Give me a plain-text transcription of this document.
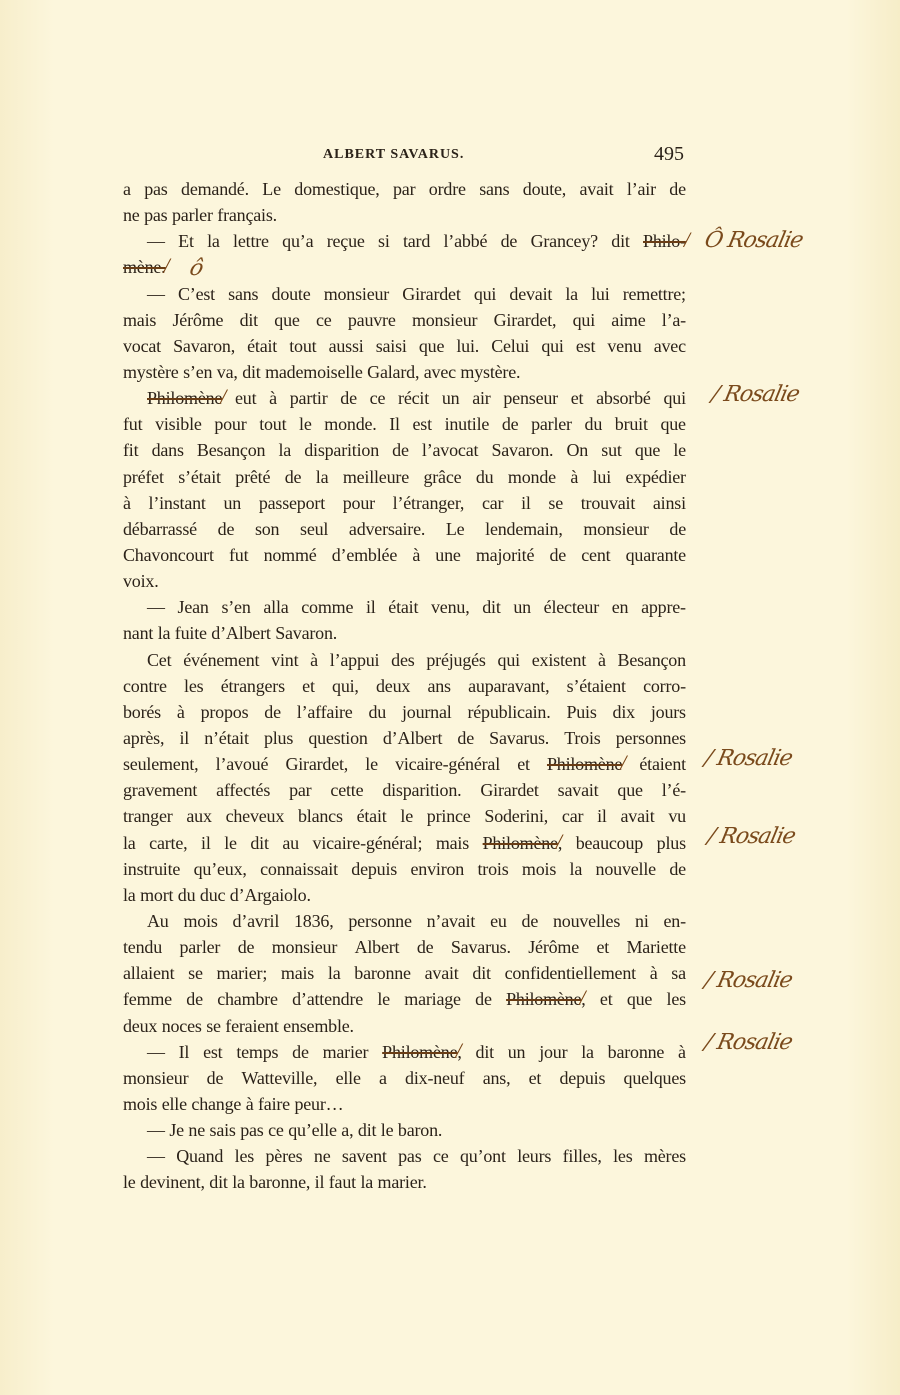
ALBERT SAVARUS.	495
a pas demandé. Le domestique, par ordre sans doute, avait l’air de
ne pas parler français.
— Et la lettre qu’a reçue si tard l’abbé de Grancey? dit Philo- /
mène. /
— C’est sans doute monsieur Girardet qui devait la lui remettre;
mais Jérôme dit que ce pauvre monsieur Girardet, qui aime l’a-
vocat Savaron, était tout aussi saisi que lui. Celui qui est venu avec
mystère s’en va, dit mademoiselle Galard, avec mystère.
Philomène / eut à partir de ce récit un air penseur et absorbé qui
fut visible pour tout le monde. Il est inutile de parler du bruit que
fit dans Besançon la disparition de l’avocat Savaron. On sut que le
préfet s’était prêté de la meilleure grâce du monde à lui expédier
à l’instant un passeport pour l’étranger, car il se trouvait ainsi
débarrassé de son seul adversaire. Le lendemain, monsieur de
Chavoncourt fut nommé d’emblée à une majorité de cent quarante
voix.
— Jean s’en alla comme il était venu, dit un électeur en appre-
nant la fuite d’Albert Savaron.
Cet événement vint à l’appui des préjugés qui existent à Besançon
contre les étrangers et qui, deux ans auparavant, s’étaient corro-
borés à propos de l’affaire du journal républicain. Puis dix jours
après, il n’était plus question d’Albert de Savarus. Trois personnes
seulement, l’avoué Girardet, le vicaire-général et Philomène / étaient
gravement affectés par cette disparition. Girardet savait que l’é-
tranger aux cheveux blancs était le prince Soderini, car il avait vu
la carte, il le dit au vicaire-général; mais Philomène /, beaucoup plus
instruite qu’eux, connaissait depuis environ trois mois la nouvelle de
la mort du duc d’Argaiolo.
Au mois d’avril 1836, personne n’avait eu de nouvelles ni en-
tendu parler de monsieur Albert de Savarus. Jérôme et Mariette
allaient se marier; mais la baronne avait dit confidentiellement à sa
femme de chambre d’attendre le mariage de Philomène /, et que les
deux noces se feraient ensemble.
— Il est temps de marier Philomène /, dit un jour la baronne à
monsieur de Watteville, elle a dix-neuf ans, et depuis quelques
mois elle change à faire peur…
— Je ne sais pas ce qu’elle a, dit le baron.
— Quand les pères ne savent pas ce qu’ont leurs filles, les mères
le devinent, dit la baronne, il faut la marier.
Ô Rosalie
ô
/ Rosalie
/ Rosalie
/ Rosalie
/ Rosalie
/ Rosalie
